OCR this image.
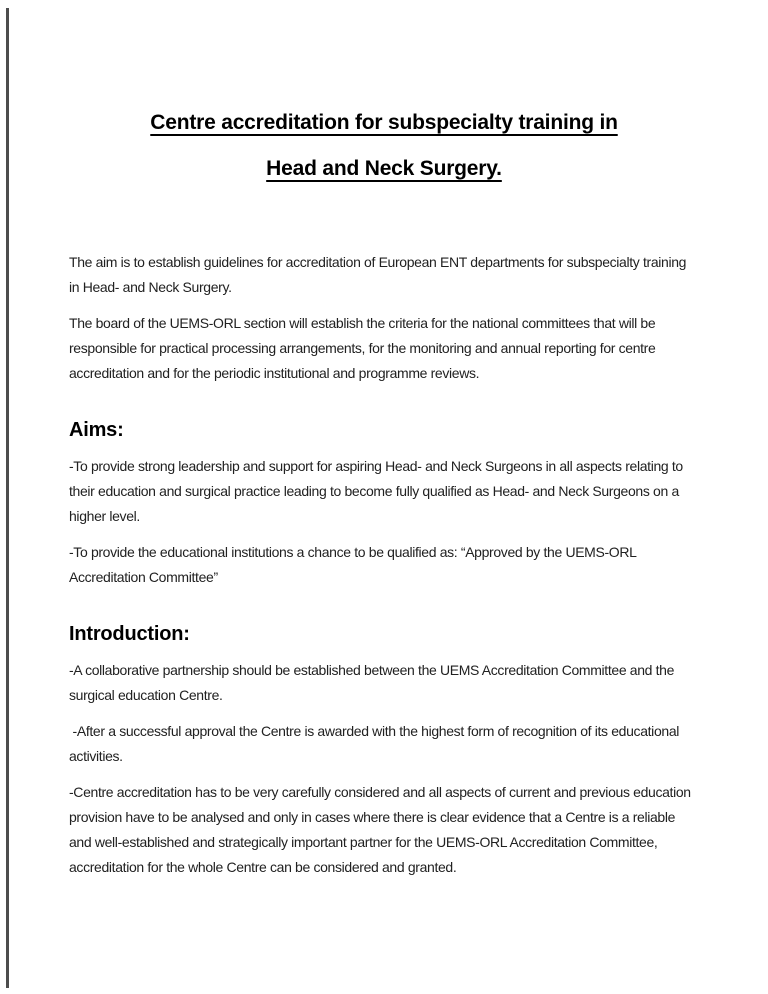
Centre accreditation for subspecialty training in
Head and Neck Surgery.

The aim is to establish guidelines for accreditation of European ENT departments for subspecialty training in Head- and Neck Surgery.

The board of the UEMS-ORL section will establish the criteria for the national committees that will be responsible for practical processing arrangements, for the monitoring and annual reporting for centre accreditation and for the periodic institutional and programme reviews.

Aims:

-To provide strong leadership and support for aspiring Head- and Neck Surgeons in all aspects relating to their education and surgical practice leading to become fully qualified as Head- and Neck Surgeons on a higher level.

-To provide the educational institutions a chance to be qualified as: “Approved by the UEMS-ORL Accreditation Committee”

Introduction:

-A collaborative partnership should be established between the UEMS Accreditation Committee and the surgical education Centre.

-After a successful approval the Centre is awarded with the highest form of recognition of its educational activities.

-Centre accreditation has to be very carefully considered and all aspects of current and previous education provision have to be analysed and only in cases where there is clear evidence that a Centre is a reliable and well-established and strategically important partner for the UEMS-ORL Accreditation Committee, accreditation for the whole Centre can be considered and granted.
